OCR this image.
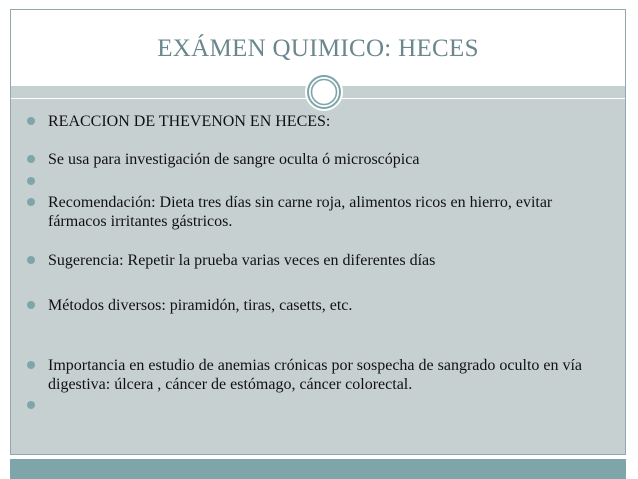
EXÁMEN QUIMICO: HECES
REACCION DE THEVENON EN HECES:
Se usa para investigación de sangre oculta ó microscópica
Recomendación: Dieta tres días sin carne roja, alimentos ricos en hierro, evitar fármacos irritantes gástricos.
Sugerencia: Repetir la prueba varias veces en diferentes días
Métodos diversos: piramidón, tiras, casetts, etc.
Importancia en estudio de anemias crónicas por sospecha de sangrado oculto en vía digestiva: úlcera , cáncer de estómago, cáncer colorectal.
